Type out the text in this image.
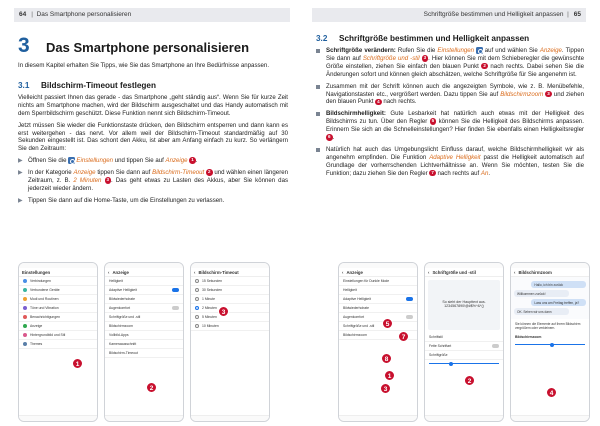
64 | Das Smartphone personalisieren	Schriftgröße bestimmen und Helligkeit anpassen | 65
3	Das Smartphone personalisieren

In diesem Kapitel erhalten Sie Tipps, wie Sie das Smartphone an Ihre Bedürfnisse anpassen.

3.1	Bildschirm-Timeout festlegen

Vielleicht passiert Ihnen das gerade - das Smartphone „geht ständig aus“. Wenn Sie für kurze Zeit nichts am Smartphone machen, wird der Bildschirm ausgeschaltet und das Handy automatisch mit dem Sperrbildschirm geschützt. Diese Funktion nennt sich Bildschirm-Timeout.

Jetzt müssen Sie wieder die Funktionstaste drücken, den Bildschirm entsperren und dann kann es erst weitergehen - das nervt. Vor allem weil der Bildschirm-Timeout standardmäßig auf 30 Sekunden eingestellt ist. Das schont den Akku, ist aber am Anfang einfach zu kurz. So verlängern Sie den Zeitraum:

▶ Öffnen Sie die  Einstellungen und tippen Sie auf Anzeige 1 .

▶ In der Kategorie Anzeige tippen Sie dann auf Bildschirm-Timeout 2 und wählen einen längeren Zeitraum, z. B. 2 Minuten 3 . Das geht etwas zu Lasten des Akkus, aber Sie können das jederzeit wieder ändern.

▶ Tippen Sie dann auf die Home-Taste, um die Einstellungen zu verlassen.

Einstellungen
Verbindungen
Verbundene Geräte
Modi und Routinen
Töne und Vibration
Benachrichtigungen
Anzeige
Hintergrundbild und Stil
Themes
1
‹ Anzeige
Helligkeit
Adaptive Helligkeit
Bildwiederholrate
Augenkomfort
Schriftgröße und -stil
Bildschirmzoom
Vollbild-Apps
Kameraausschnitt
Bildschirm-Timeout
2
‹ Bildschirm-Timeout
15 Sekunden
30 Sekunden
1 Minute
2 Minuten
5 Minuten
10 Minuten
3
3.2	Schriftgröße bestimmen und Helligkeit anpassen

Schriftgröße verändern: Rufen Sie die Einstellungen  auf und wählen Sie Anzeige. Tippen Sie dann auf Schriftgröße und -stil 3 . Hier können Sie mit dem Schieberegler die gewünschte Größe einstellen, ziehen Sie einfach den blauen Punkt 2 nach rechts. Dabei sehen Sie die Änderungen sofort und können gleich abschätzen, welche Schriftgröße für Sie angenehm ist.

Zusammen mit der Schrift können auch die angezeigten Symbole, wie z. B. Menübefehle, Navigationstasten etc., vergrößert werden. Dazu tippen Sie auf Bildschirmzoom 3 und ziehen den blauen Punkt 4 nach rechts.

Bildschirmhelligkeit: Gute Lesbarkeit hat natürlich auch etwas mit der Helligkeit des Bildschirms zu tun. Über den Regler 5 können Sie die Helligkeit des Bildschirms anpassen. Erinnern Sie sich an die Schnelleinstellungen? Hier finden Sie ebenfalls einen Helligkeitsregler 6 .

Natürlich hat auch das Umgebungslicht Einfluss darauf, welche Bildschirmhelligkeit wir als angenehm empfinden. Die Funktion Adaptive Helligkeit passt die Helligkeit automatisch auf Grundlage der vorherrschenden Lichtverhältnisse an. Wenn Sie möchten, testen Sie die Funktion; dazu ziehen Sie den Regler 7 nach rechts auf An.

‹ Anzeige
Einstellungen für Dunkle Mode
Helligkeit
Adaptive Helligkeit
Bildwiederholrate
Augenkomfort
Schriftgröße und -stil
Bildschirmzoom
5
7
8
1
3
‹ Schriftgröße und -stil
So sieht der Haupttext aus. 1234567890!@#$%^&*()
Schriftstil
Fette Schriftart
Schriftgröße
2
‹ Bildschirmzoom
Hallo, ich bin zurück
Willkommen zurück!
Lass uns am Freitag treffen, ja?
OK. Sehen wir uns dann
Sie können die Elemente auf Ihrem Bildschirm vergrößern oder verkleinern.
Bildschirmzoom
4
